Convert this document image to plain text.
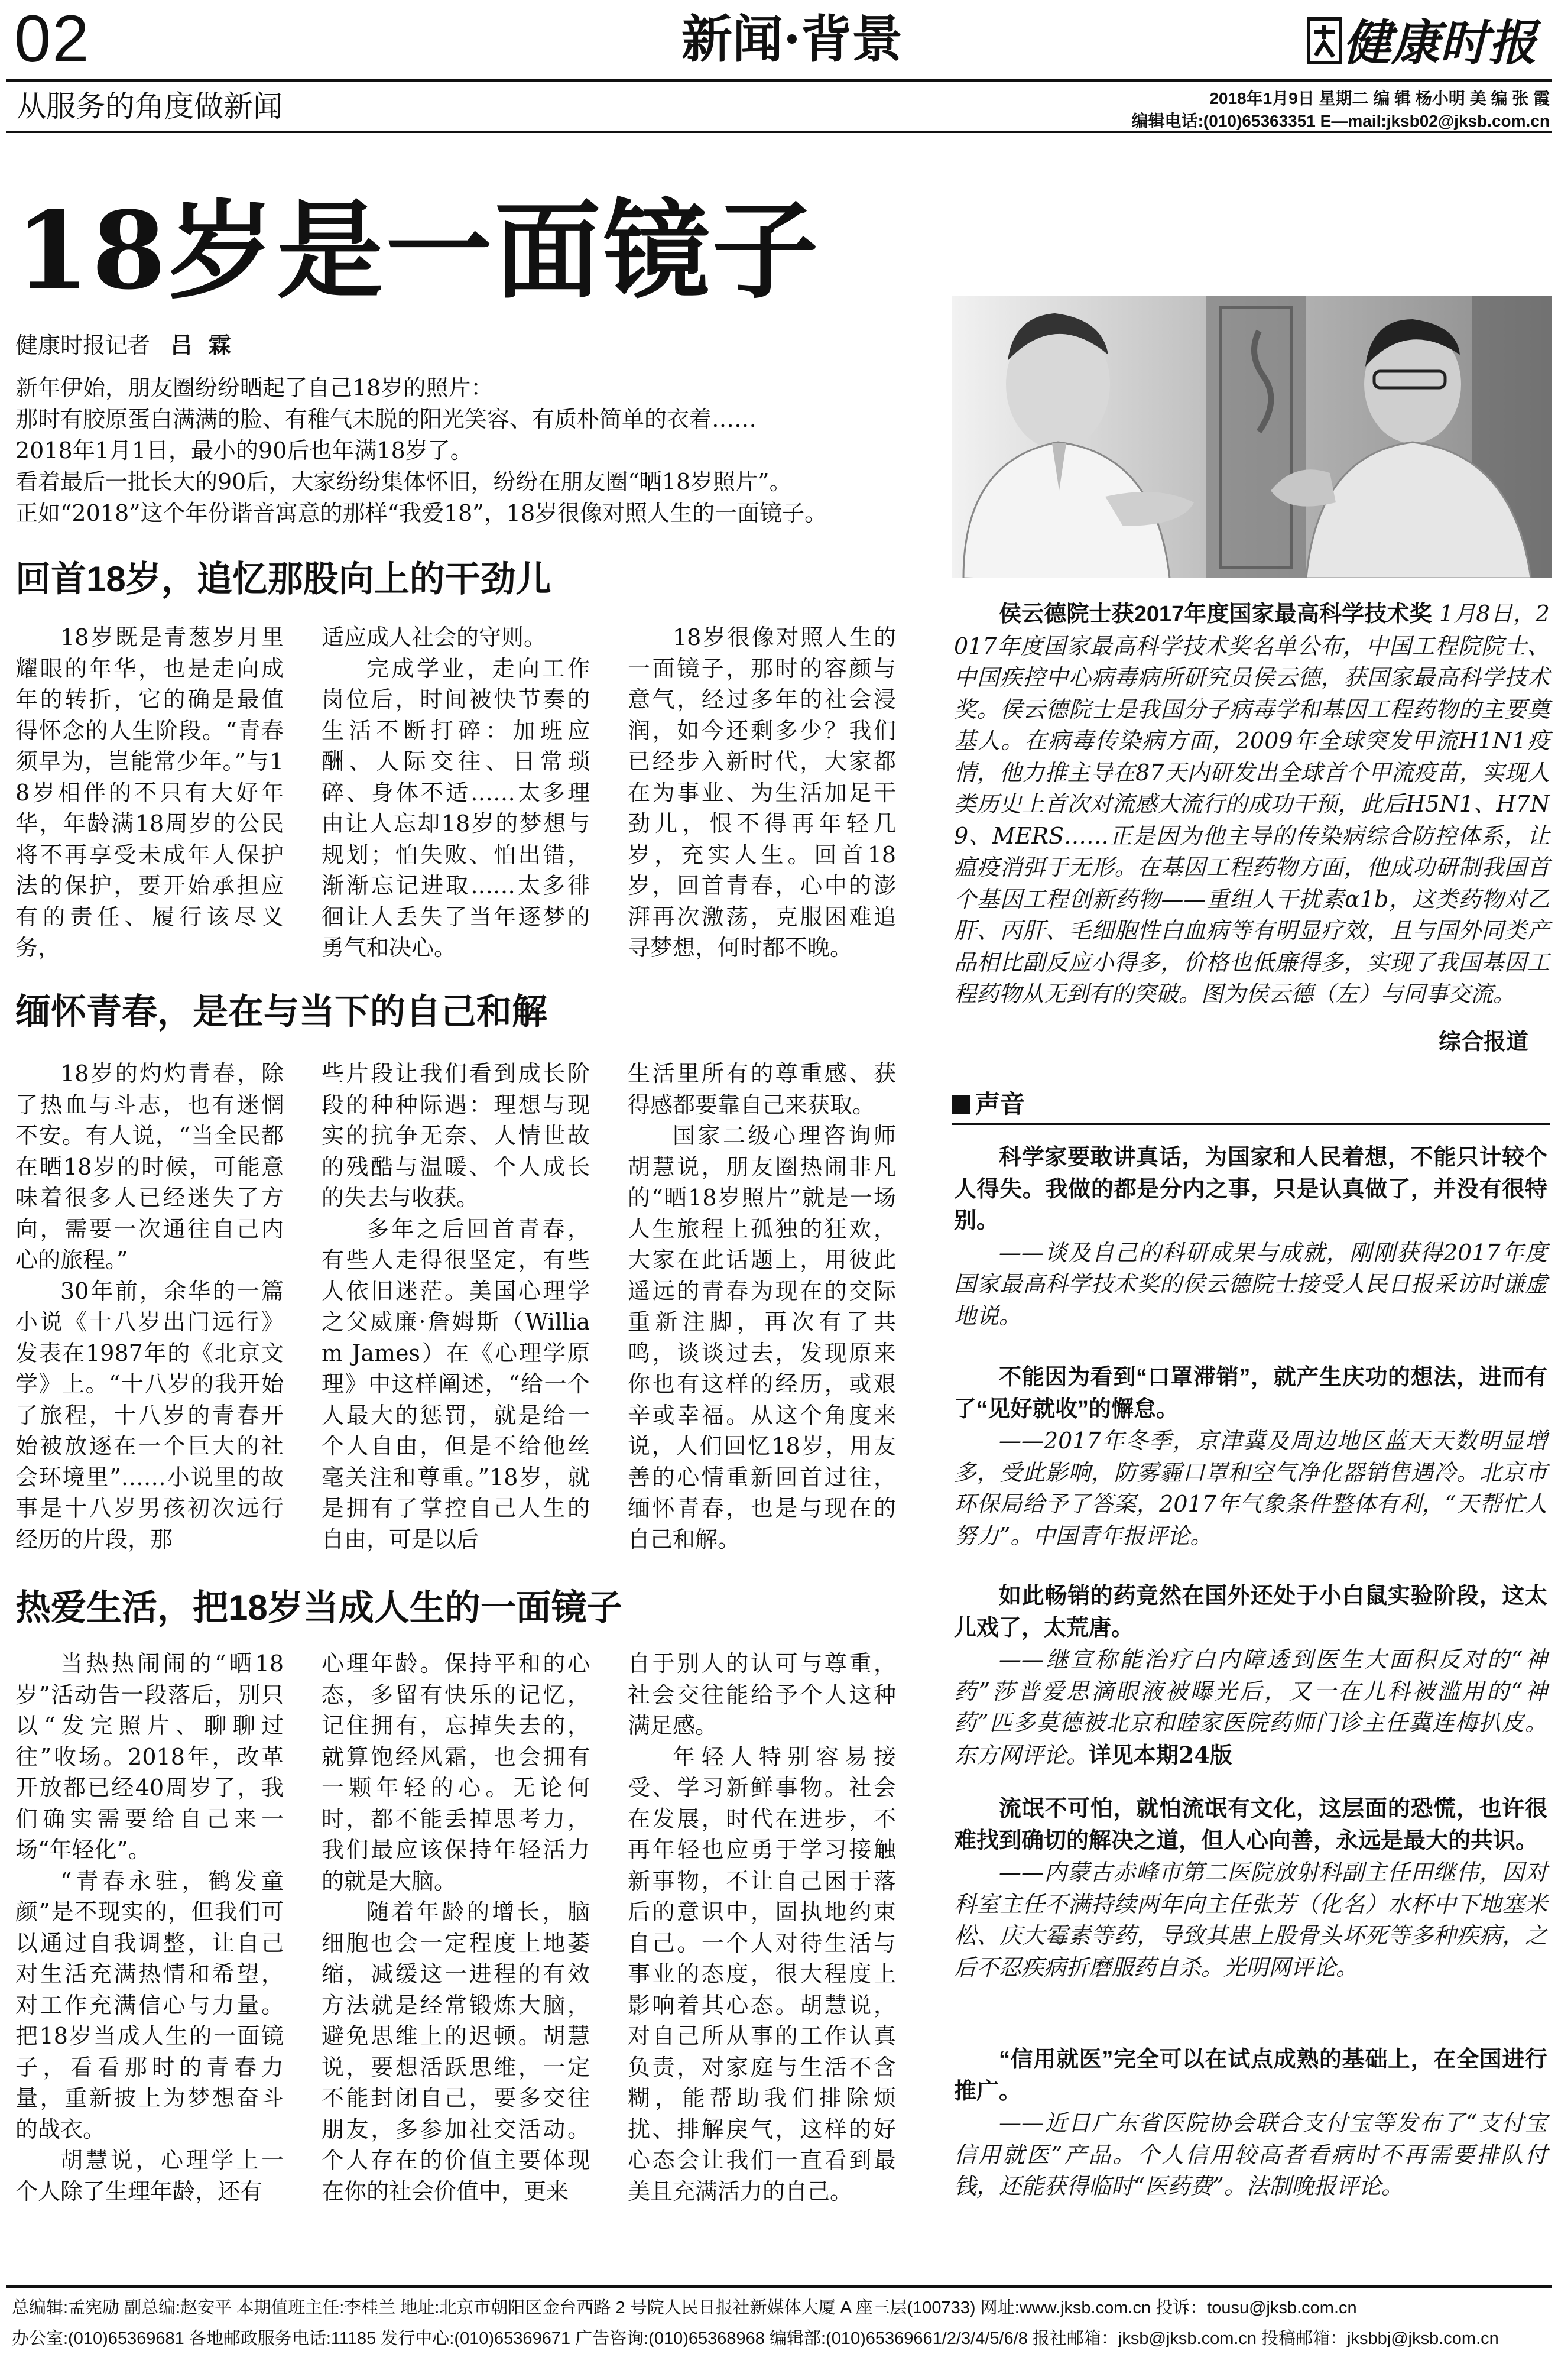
02
从服务的角度做新闻
新闻·背景	健康时报
2018年1月9日 星期二 编 辑 杨小明 美 编 张 霞
编辑电话:(010)65363351 E—mail:jksb02@jksb.com.cn
18岁是一面镜子
健康时报记者 吕 霖

新年伊始，朋友圈纷纷晒起了自己18岁的照片：

那时有胶原蛋白满满的脸、有稚气未脱的阳光笑容、有质朴简单的衣着……

2018年1月1日，最小的90后也年满18岁了。

看着最后一批长大的90后，大家纷纷集体怀旧，纷纷在朋友圈“晒18岁照片”。

正如“2018”这个年份谐音寓意的那样“我爱18”，18岁很像对照人生的一面镜子。

回首18岁，追忆那股向上的干劲儿

18岁既是青葱岁月里耀眼的年华，也是走向成年的转折，它的确是最值得怀念的人生阶段。“青春须早为，岂能常少年。”与18岁相伴的不只有大好年华，年龄满18周岁的公民将不再享受未成年人保护法的保护，要开始承担应有的责任、履行该尽义务，

适应成人社会的守则。

完成学业，走向工作岗位后，时间被快节奏的生活不断打碎：加班应酬、人际交往、日常琐碎、身体不适……太多理由让人忘却18岁的梦想与规划；怕失败、怕出错，渐渐忘记进取……太多徘徊让人丢失了当年逐梦的勇气和决心。

18岁很像对照人生的一面镜子，那时的容颜与意气，经过多年的社会浸润，如今还剩多少？我们已经步入新时代，大家都在为事业、为生活加足干劲儿，恨不得再年轻几岁，充实人生。回首18岁，回首青春，心中的澎湃再次激荡，克服困难追寻梦想，何时都不晚。

缅怀青春，是在与当下的自己和解

18岁的灼灼青春，除了热血与斗志，也有迷惘不安。有人说，“当全民都在晒18岁的时候，可能意味着很多人已经迷失了方向，需要一次通往自己内心的旅程。”

30年前，余华的一篇小说《十八岁出门远行》发表在1987年的《北京文学》上。“十八岁的我开始了旅程，十八岁的青春开始被放逐在一个巨大的社会环境里”……小说里的故事是十八岁男孩初次远行经历的片段，那

些片段让我们看到成长阶段的种种际遇：理想与现实的抗争无奈、人情世故的残酷与温暖、个人成长的失去与收获。

多年之后回首青春，有些人走得很坚定，有些人依旧迷茫。美国心理学之父威廉·詹姆斯（William James）在《心理学原理》中这样阐述，“给一个人最大的惩罚，就是给一个人自由，但是不给他丝毫关注和尊重。”18岁，就是拥有了掌控自己人生的自由，可是以后

生活里所有的尊重感、获得感都要靠自己来获取。

国家二级心理咨询师胡慧说，朋友圈热闹非凡的“晒18岁照片”就是一场人生旅程上孤独的狂欢，大家在此话题上，用彼此遥远的青春为现在的交际重新注脚，再次有了共鸣，谈谈过去，发现原来你也有这样的经历，或艰辛或幸福。从这个角度来说，人们回忆18岁，用友善的心情重新回首过往，缅怀青春，也是与现在的自己和解。

热爱生活，把18岁当成人生的一面镜子

当热热闹闹的“晒18岁”活动告一段落后，别只以“发完照片、聊聊过往”收场。2018年，改革开放都已经40周岁了，我们确实需要给自己来一场“年轻化”。

“青春永驻，鹤发童颜”是不现实的，但我们可以通过自我调整，让自己对生活充满热情和希望，对工作充满信心与力量。把18岁当成人生的一面镜子，看看那时的青春力量，重新披上为梦想奋斗的战衣。

胡慧说，心理学上一个人除了生理年龄，还有

心理年龄。保持平和的心态，多留有快乐的记忆，记住拥有，忘掉失去的，就算饱经风霜，也会拥有一颗年轻的心。无论何时，都不能丢掉思考力，我们最应该保持年轻活力的就是大脑。

随着年龄的增长，脑细胞也会一定程度上地萎缩，减缓这一进程的有效方法就是经常锻炼大脑，避免思维上的迟顿。胡慧说，要想活跃思维，一定不能封闭自己，要多交往朋友，多参加社交活动。个人存在的价值主要体现在你的社会价值中，更来

自于别人的认可与尊重，社会交往能给予个人这种满足感。

年轻人特别容易接受、学习新鲜事物。社会在发展，时代在进步，不再年轻也应勇于学习接触新事物，不让自己困于落后的意识中，固执地约束自己。一个人对待生活与事业的态度，很大程度上影响着其心态。胡慧说，对自己所从事的工作认真负责，对家庭与生活不含糊，能帮助我们排除烦扰、排解戾气，这样的好心态会让我们一直看到最美且充满活力的自己。

侯云德院士获2017年度国家最高科学技术奖 1月8日，2017年度国家最高科学技术奖名单公布，中国工程院院士、中国疾控中心病毒病所研究员侯云德，获国家最高科学技术奖。侯云德院士是我国分子病毒学和基因工程药物的主要奠基人。在病毒传染病方面，2009年全球突发甲流H1N1疫情，他力推主导在87天内研发出全球首个甲流疫苗，实现人类历史上首次对流感大流行的成功干预，此后H5N1、H7N9、MERS……正是因为他主导的传染病综合防控体系，让瘟疫消弭于无形。在基因工程药物方面，他成功研制我国首个基因工程创新药物——重组人干扰素α1b，这类药物对乙肝、丙肝、毛细胞性白血病等有明显疗效，且与国外同类产品相比副反应小得多，价格也低廉得多，实现了我国基因工程药物从无到有的突破。图为侯云德（左）与同事交流。
综合报道
声音

科学家要敢讲真话，为国家和人民着想，不能只计较个人得失。我做的都是分内之事，只是认真做了，并没有很特别。

——谈及自己的科研成果与成就，刚刚获得2017年度国家最高科学技术奖的侯云德院士接受人民日报采访时谦虚地说。

不能因为看到“口罩滞销”，就产生庆功的想法，进而有了“见好就收”的懈怠。

——2017年冬季，京津冀及周边地区蓝天天数明显增多，受此影响，防雾霾口罩和空气净化器销售遇冷。北京市环保局给予了答案，2017年气象条件整体有利，“天帮忙人努力”。中国青年报评论。

如此畅销的药竟然在国外还处于小白鼠实验阶段，这太儿戏了，太荒唐。

——继宣称能治疗白内障透到医生大面积反对的“神药”莎普爱思滴眼液被曝光后，又一在儿科被滥用的“神药”匹多莫德被北京和睦家医院药师门诊主任冀连梅扒皮。东方网评论。详见本期24版

流氓不可怕，就怕流氓有文化，这层面的恐慌，也许很难找到确切的解决之道，但人心向善，永远是最大的共识。

——内蒙古赤峰市第二医院放射科副主任田继伟，因对科室主任不满持续两年向主任张芳（化名）水杯中下地塞米松、庆大霉素等药，导致其患上股骨头坏死等多种疾病，之后不忍疾病折磨服药自杀。光明网评论。

“信用就医”完全可以在试点成熟的基础上，在全国进行推广。

——近日广东省医院协会联合支付宝等发布了“支付宝信用就医”产品。个人信用较高者看病时不再需要排队付钱，还能获得临时“医药费”。法制晚报评论。

总编辑:孟宪励 副总编:赵安平 本期值班主任:李桂兰 地址:北京市朝阳区金台西路 2 号院人民日报社新媒体大厦 A 座三层(100733) 网址:www.jksb.com.cn 投诉：tousu@jksb.com.cn

办公室:(010)65369681 各地邮政服务电话:11185 发行中心:(010)65369671 广告咨询:(010)65368968 编辑部:(010)65369661/2/3/4/5/6/8 报社邮箱：jksb@jksb.com.cn 投稿邮箱：jksbbj@jksb.com.cn
